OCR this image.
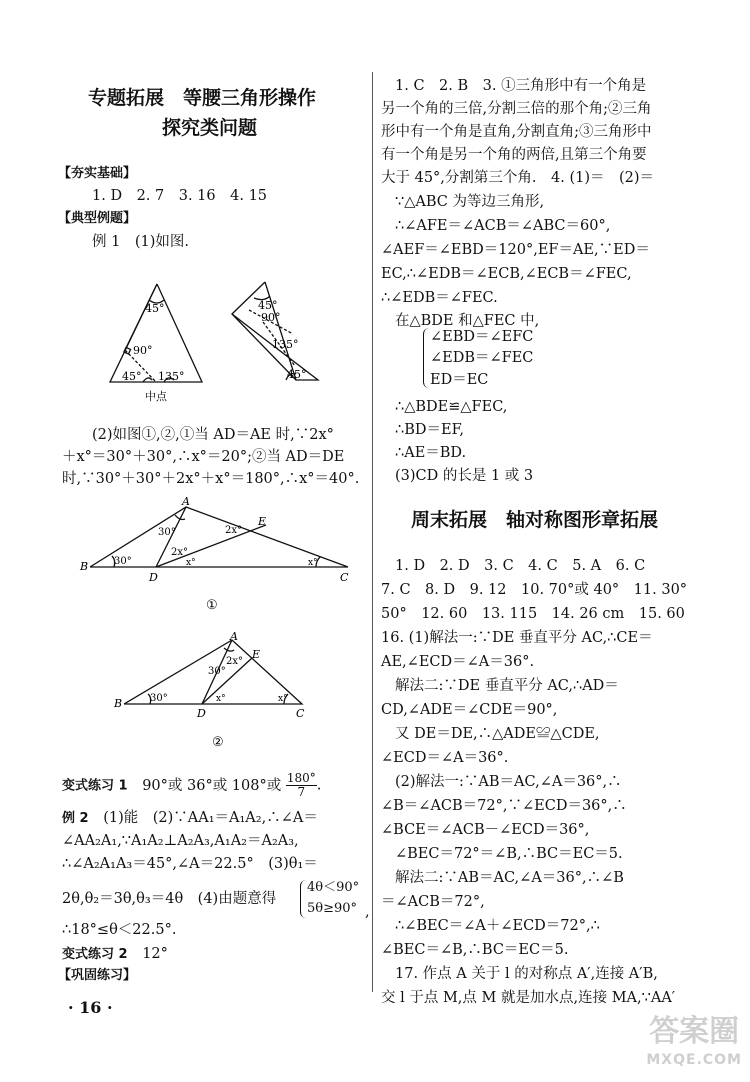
专题拓展　等腰三角形操作
探究类问题
【夯实基础】
1. D　2. 7　3. 16　4. 15
【典型例题】
例 1　(1)如图.
45°
90°
45° 135°
中点
45°
90°
135°
45°
(2)如图①,②,①当 AD＝AE 时,∵2x°
＋x°＝30°＋30°,∴x°＝20°;②当 AD＝DE
时,∵30°＋30°＋2x°＋x°＝180°,∴x°＝40°.
A
B
C
D
E
30°
30°
2x°
2x°
x°	x°
①
A
B
C
D
E
30°
30°
2x°
x°	x°
②
变式练习 1 90°或 36°或 108°或 $\frac{180^\circ}{7}$ .
例 2 (1)能　(2)∵AA₁＝A₁A₂,∴∠A＝
∠AA₂A₁,∵A₁A₂⊥A₂A₃,A₁A₂＝A₂A₃,
∴∠A₂A₁A₃＝45°,∠A＝22.5°　(3)θ₁＝
2θ,θ₂＝3θ,θ₃＝4θ　(4)由题意得
4θ＜90°
5θ≥90° ,
∴18°≤θ＜22.5°.
变式练习 2 12°
【巩固练习】
· 16 ·
1. C　2. B　3. ①三角形中有一个角是
另一个角的三倍,分割三倍的那个角;②三角
形中有一个角是直角,分割直角;③三角形中
有一个角是另一个角的两倍,且第三个角要
大于 45°,分割第三个角.　4. (1)＝　(2)＝
∵△ABC 为等边三角形,
∴∠AFE＝∠ACB＝∠ABC＝60°,
∠AEF＝∠EBD＝120°,EF＝AE,∵ED＝
EC,∴∠EDB＝∠ECB,∠ECB＝∠FEC,
∴∠EDB＝∠FEC.
在△BDE 和△FEC 中,
∠EBD＝∠EFC
∠EDB＝∠FEC
ED＝EC
∴△BDE≌△FEC,
∴BD＝EF,
∴AE＝BD.
(3)CD 的长是 1 或 3
周末拓展　轴对称图形章拓展
1. D　2. D　3. C　4. C　5. A　6. C
7. C　8. D　9. 12　10. 70°或 40°　11. 30°
50°　12. 60　13. 115　14. 26 cm　15. 60
16. (1)解法一:∵DE 垂直平分 AC,∴CE＝
AE,∠ECD＝∠A＝36°.
解法二:∵DE 垂直平分 AC,∴AD＝
CD,∠ADE＝∠CDE＝90°,
又 DE＝DE,∴△ADE≌△CDE,
∠ECD＝∠A＝36°.
(2)解法一:∵AB＝AC,∠A＝36°,∴
∠B＝∠ACB＝72°,∵∠ECD＝36°,∴
∠BCE＝∠ACB－∠ECD＝36°,
∠BEC＝72°＝∠B,∴BC＝EC＝5.
解法二:∵AB＝AC,∠A＝36°,∴∠B
＝∠ACB＝72°,
∴∠BEC＝∠A＋∠ECD＝72°,∴
∠BEC＝∠B,∴BC＝EC＝5.
17. 作点 A 关于 l 的对称点 A′,连接 A′B,
交 l 于点 M,点 M 就是加水点,连接 MA,∵AA′
答案圈
MXQE.COM
